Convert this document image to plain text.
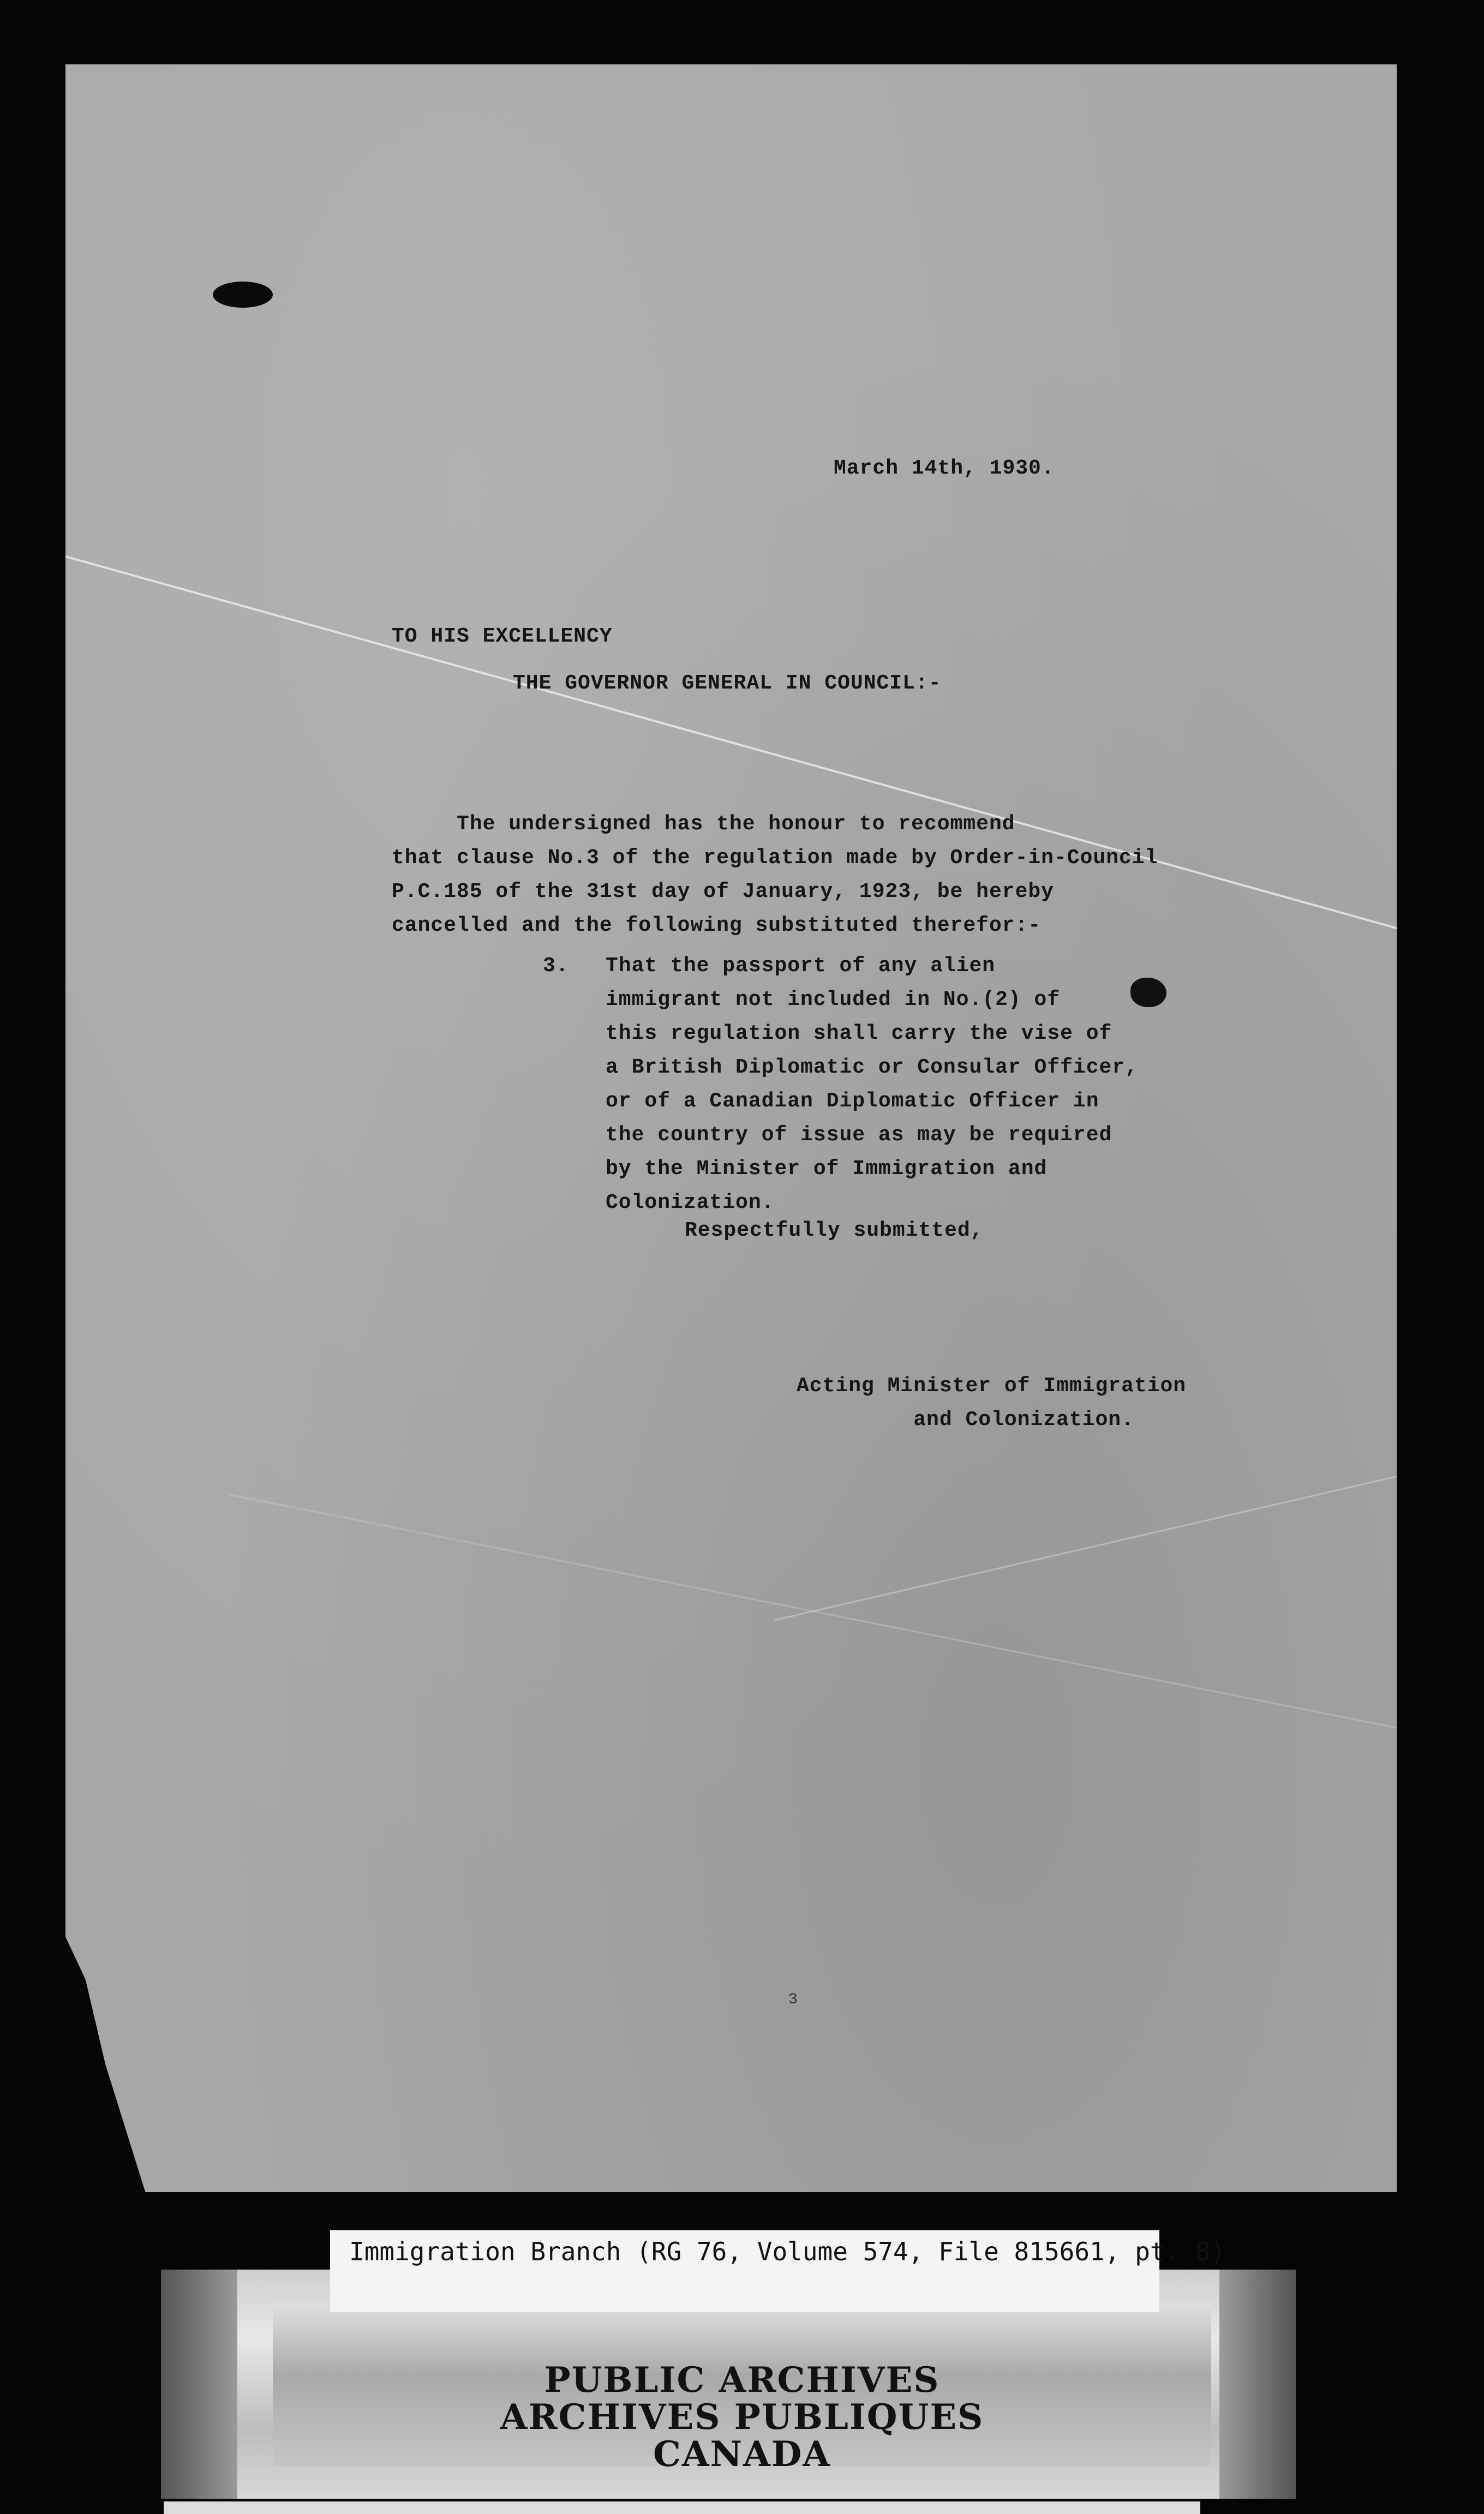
March 14th, 1930.
TO HIS EXCELLENCY
THE GOVERNOR GENERAL IN COUNCIL:-
The undersigned has the honour to recommend
that clause No.3 of the regulation made by Order-in-Council
P.C.185 of the 31st day of January, 1923, be hereby
cancelled and the following substituted therefor:-
3. That the passport of any alien
immigrant not included in No.(2) of
this regulation shall carry the vise of
a British Diplomatic or Consular Officer,
or of a Canadian Diplomatic Officer in
the country of issue as may be required
by the Minister of Immigration and
Colonization.
Respectfully submitted,
Acting Minister of Immigration
and Colonization.
3
Immigration Branch (RG 76, Volume 574, File 815661, pt. 8)
PUBLIC ARCHIVES
ARCHIVES PUBLIQUES
CANADA
